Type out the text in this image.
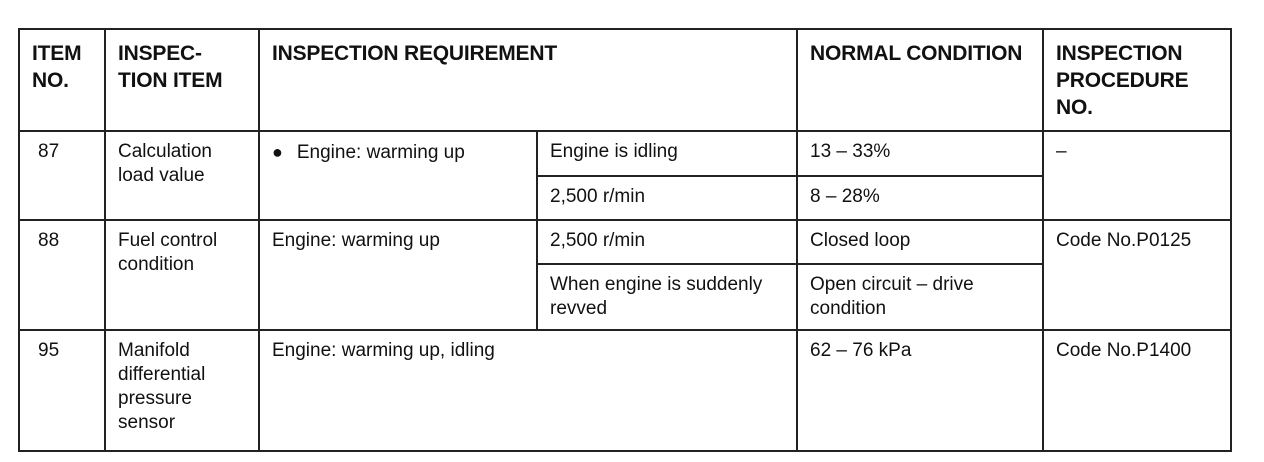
ITEM NO.	INSPEC-TION ITEM	INSPECTION REQUIREMENT		NORMAL CONDITION	INSPECTION PROCEDURE NO.
87	Calculation load value	● Engine: warming up	Engine is idling	13 – 33%	–
			2,500 r/min	8 – 28%	
88	Fuel control condition	Engine: warming up	2,500 r/min	Closed loop	Code No.P0125
			When engine is suddenly revved	Open circuit – drive condition	
95	Manifold differential pressure sensor	Engine: warming up, idling		62 – 76 kPa	Code No.P1400
